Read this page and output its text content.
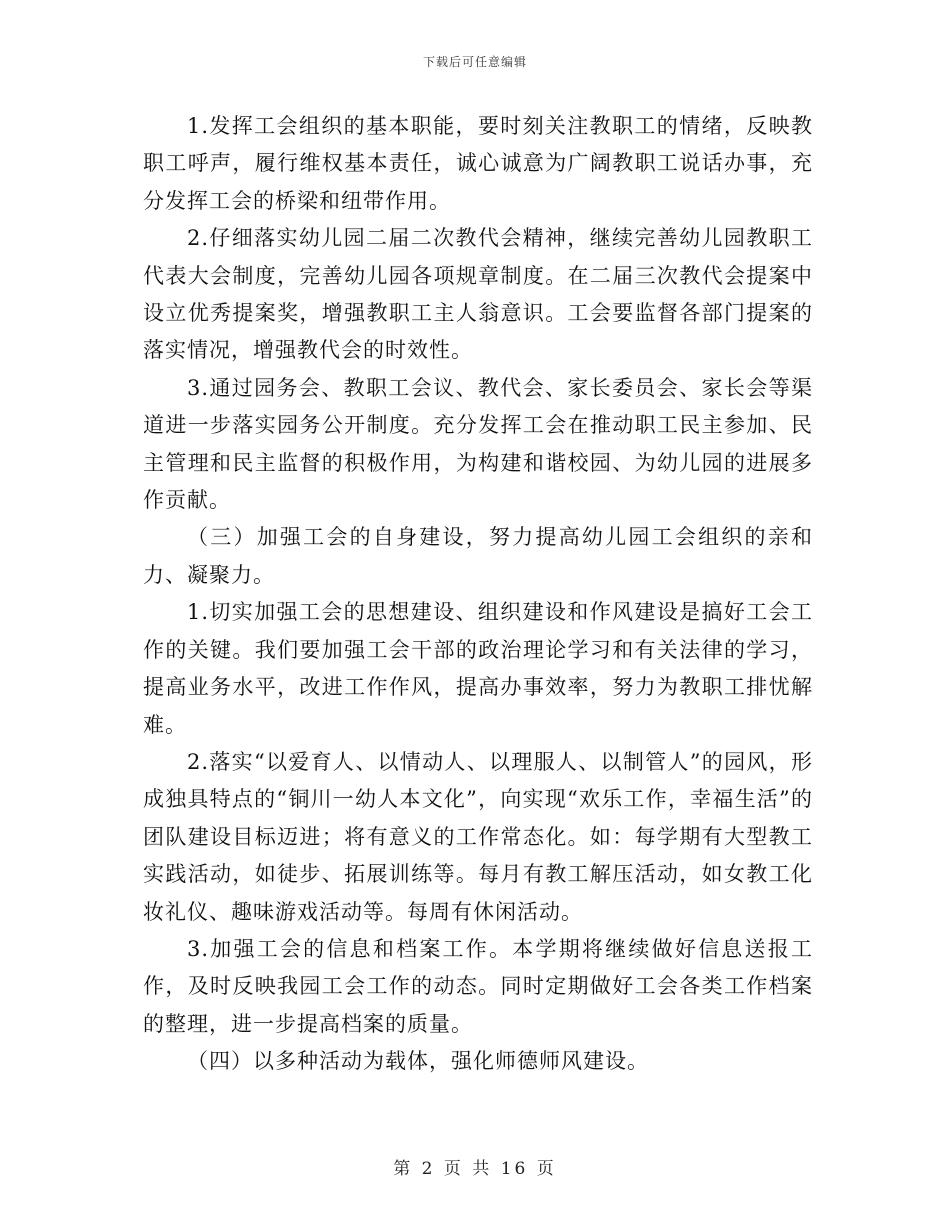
下载后可任意编辑

1.发挥工会组织的基本职能，要时刻关注教职工的情绪，反映教职工呼声，履行维权基本责任，诚心诚意为广阔教职工说话办事，充分发挥工会的桥梁和纽带作用。

2.仔细落实幼儿园二届二次教代会精神，继续完善幼儿园教职工代表大会制度，完善幼儿园各项规章制度。在二届三次教代会提案中设立优秀提案奖，增强教职工主人翁意识。工会要监督各部门提案的落实情况，增强教代会的时效性。

3.通过园务会、教职工会议、教代会、家长委员会、家长会等渠道进一步落实园务公开制度。充分发挥工会在推动职工民主参加、民主管理和民主监督的积极作用，为构建和谐校园、为幼儿园的进展多作贡献。

（三）加强工会的自身建设，努力提高幼儿园工会组织的亲和力、凝聚力。

1.切实加强工会的思想建设、组织建设和作风建设是搞好工会工作的关键。我们要加强工会干部的政治理论学习和有关法律的学习，提高业务水平，改进工作作风，提高办事效率，努力为教职工排忧解难。

2.落实“以爱育人、以情动人、以理服人、以制管人”的园风，形成独具特点的“铜川一幼人本文化”，向实现“欢乐工作，幸福生活”的团队建设目标迈进；将有意义的工作常态化。如：每学期有大型教工实践活动，如徒步、拓展训练等。每月有教工解压活动，如女教工化妆礼仪、趣味游戏活动等。每周有休闲活动。

3.加强工会的信息和档案工作。本学期将继续做好信息送报工作，及时反映我园工会工作的动态。同时定期做好工会各类工作档案的整理，进一步提高档案的质量。

（四）以多种活动为载体，强化师德师风建设。

第 2 页 共 16 页
